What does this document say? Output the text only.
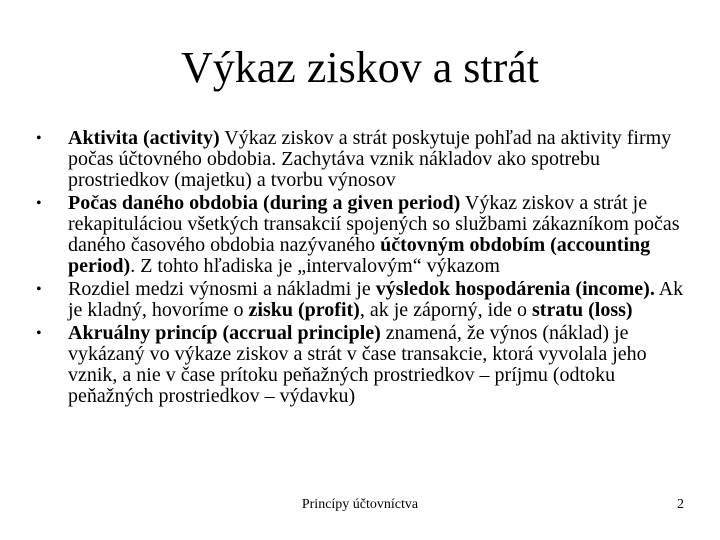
Výkaz ziskov a strát
•	Aktivita (activity) Výkaz ziskov a strát poskytuje pohľad na aktivity firmy počas účtovného obdobia. Zachytáva vznik nákladov ako spotrebu prostriedkov (majetku) a tvorbu výnosov
•	Počas daného obdobia (during a given period) Výkaz ziskov a strát je rekapituláciou všetkých transakcií spojených so službami zákazníkom počas daného časového obdobia nazývaného účtovným obdobím (accounting period). Z tohto hľadiska je „intervalovým“ výkazom
•	Rozdiel medzi výnosmi a nákladmi je výsledok hospodárenia (income). Ak je kladný, hovoríme o zisku (profit), ak je záporný, ide o stratu (loss)
•	Akruálny princíp (accrual principle) znamená, že výnos (náklad) je vykázaný vo výkaze ziskov a strát v čase transakcie, ktorá vyvolala jeho vznik, a nie v čase prítoku peňažných prostriedkov – príjmu (odtoku peňažných prostriedkov – výdavku)
Princípy účtovníctva	2
